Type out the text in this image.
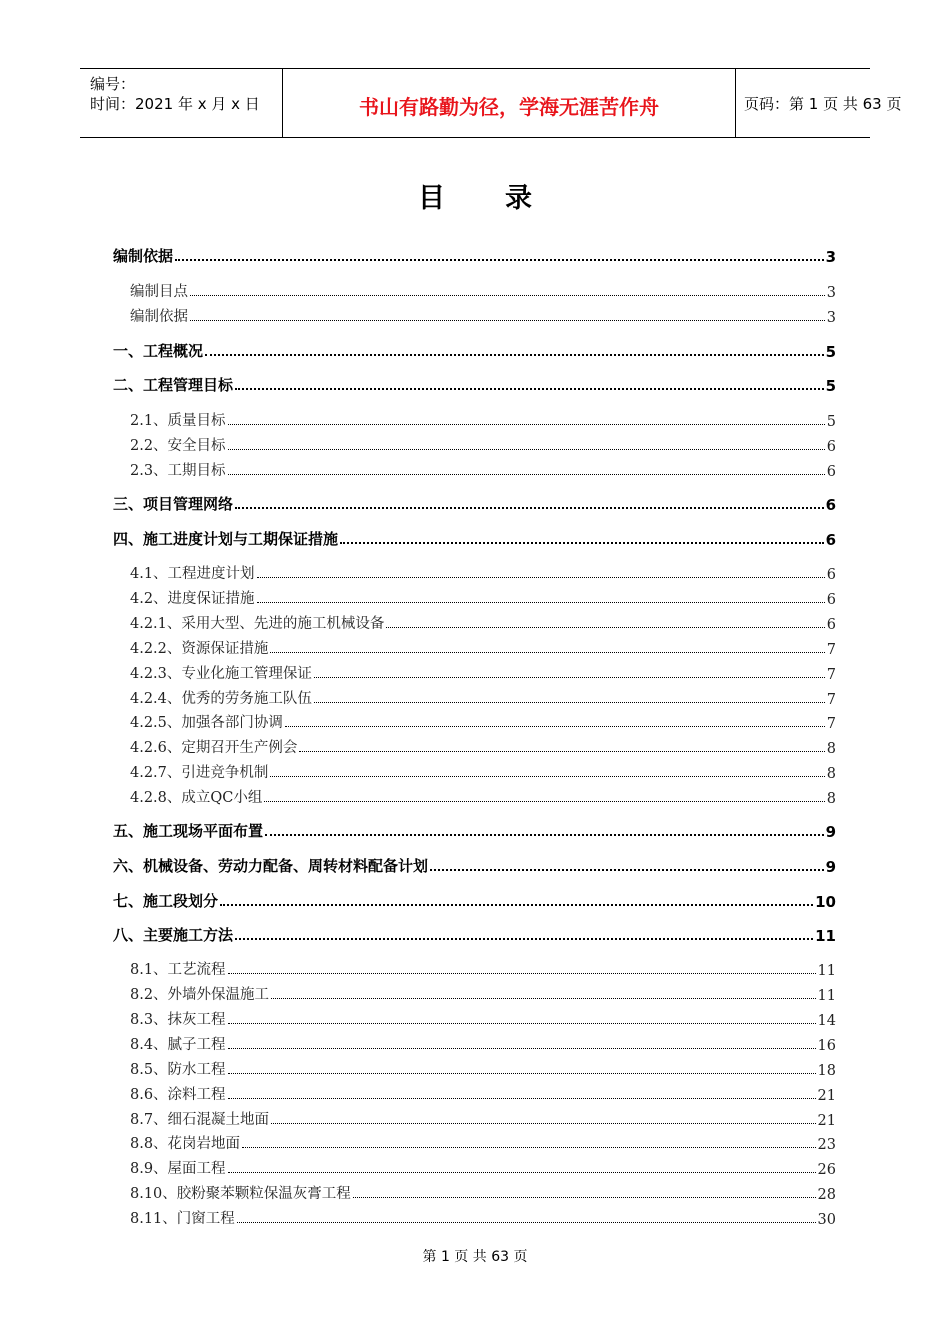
编号：
时间：2021 年 x 月 x 日	书山有路勤为径，学海无涯苦作舟	页码：第 1 页 共 63 页
目录
编制依据	3
编制目点	3
编制依据	3
一、工程概况	5
二、工程管理目标	5
2.1、质量目标	5
2.2、安全目标	6
2.3、工期目标	6
三、项目管理网络	6
四、施工进度计划与工期保证措施	6
4.1、工程进度计划	6
4.2、进度保证措施	6
4.2.1、采用大型、先进的施工机械设备	6
4.2.2、资源保证措施	7
4.2.3、专业化施工管理保证	7
4.2.4、优秀的劳务施工队伍	7
4.2.5、加强各部门协调	7
4.2.6、定期召开生产例会	8
4.2.7、引进竞争机制	8
4.2.8、成立QC小组	8
五、施工现场平面布置	9
六、机械设备、劳动力配备、周转材料配备计划	9
七、施工段划分	10
八、主要施工方法	11
8.1、工艺流程	11
8.2、外墙外保温施工	11
8.3、抹灰工程	14
8.4、腻子工程	16
8.5、防水工程	18
8.6、涂料工程	21
8.7、细石混凝土地面	21
8.8、花岗岩地面	23
8.9、屋面工程	26
8.10、胶粉聚苯颗粒保温灰膏工程	28
8.11、门窗工程	30
第 1 页 共 63 页
